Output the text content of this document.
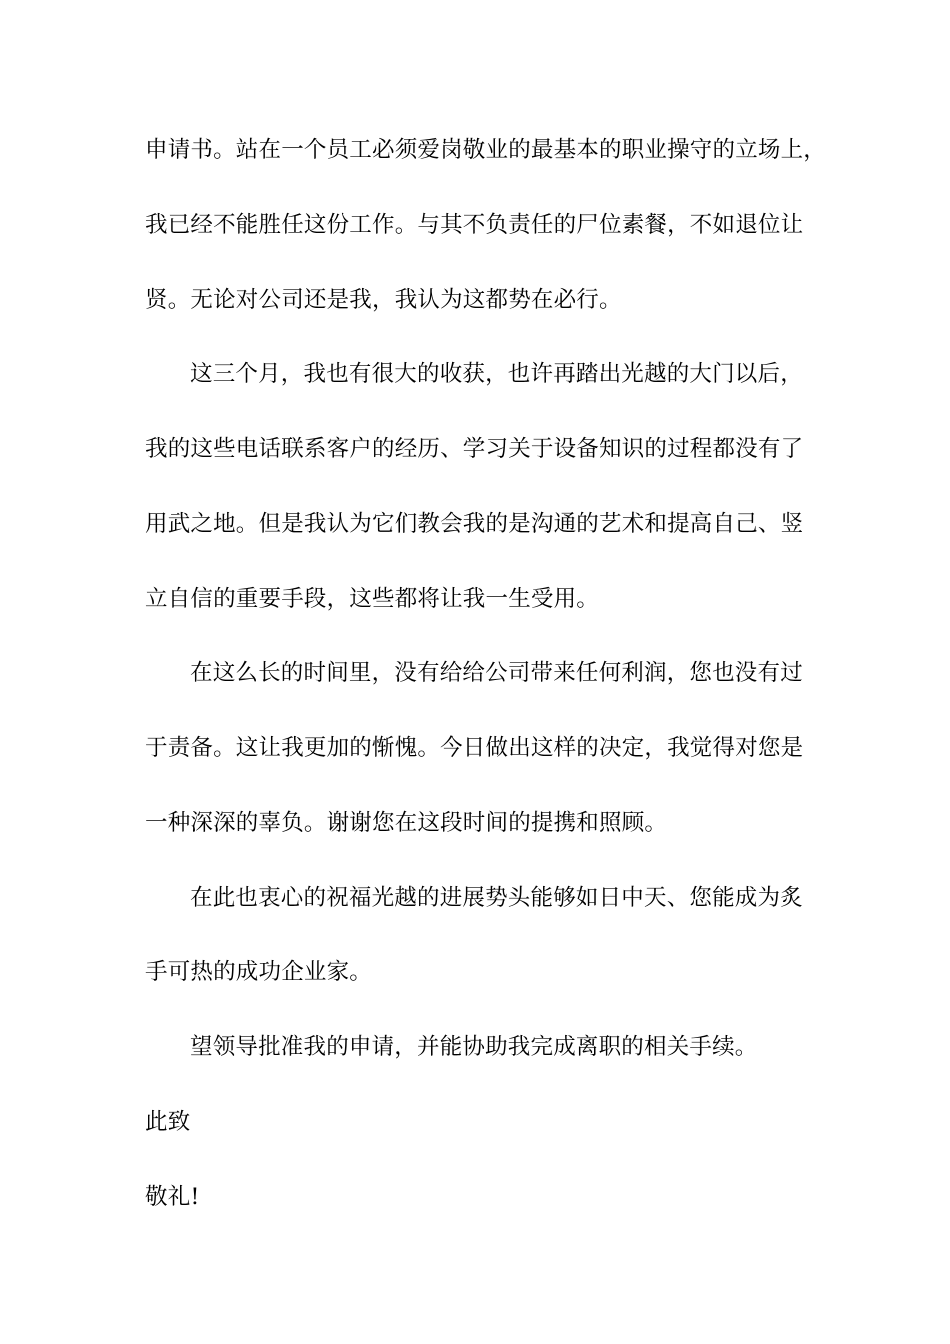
申请书。站在一个员工必须爱岗敬业的最基本的职业操守的立场上，
我已经不能胜任这份工作。与其不负责任的尸位素餐，不如退位让
贤。无论对公司还是我，我认为这都势在必行。
这三个月，我也有很大的收获，也许再踏出光越的大门以后，
我的这些电话联系客户的经历、学习关于设备知识的过程都没有了
用武之地。但是我认为它们教会我的是沟通的艺术和提高自己、竖
立自信的重要手段，这些都将让我一生受用。
在这么长的时间里，没有给给公司带来任何利润，您也没有过
于责备。这让我更加的惭愧。今日做出这样的决定，我觉得对您是
一种深深的辜负。谢谢您在这段时间的提携和照顾。
在此也衷心的祝福光越的进展势头能够如日中天、您能成为炙
手可热的成功企业家。
望领导批准我的申请，并能协助我完成离职的相关手续。
此致
敬礼!
